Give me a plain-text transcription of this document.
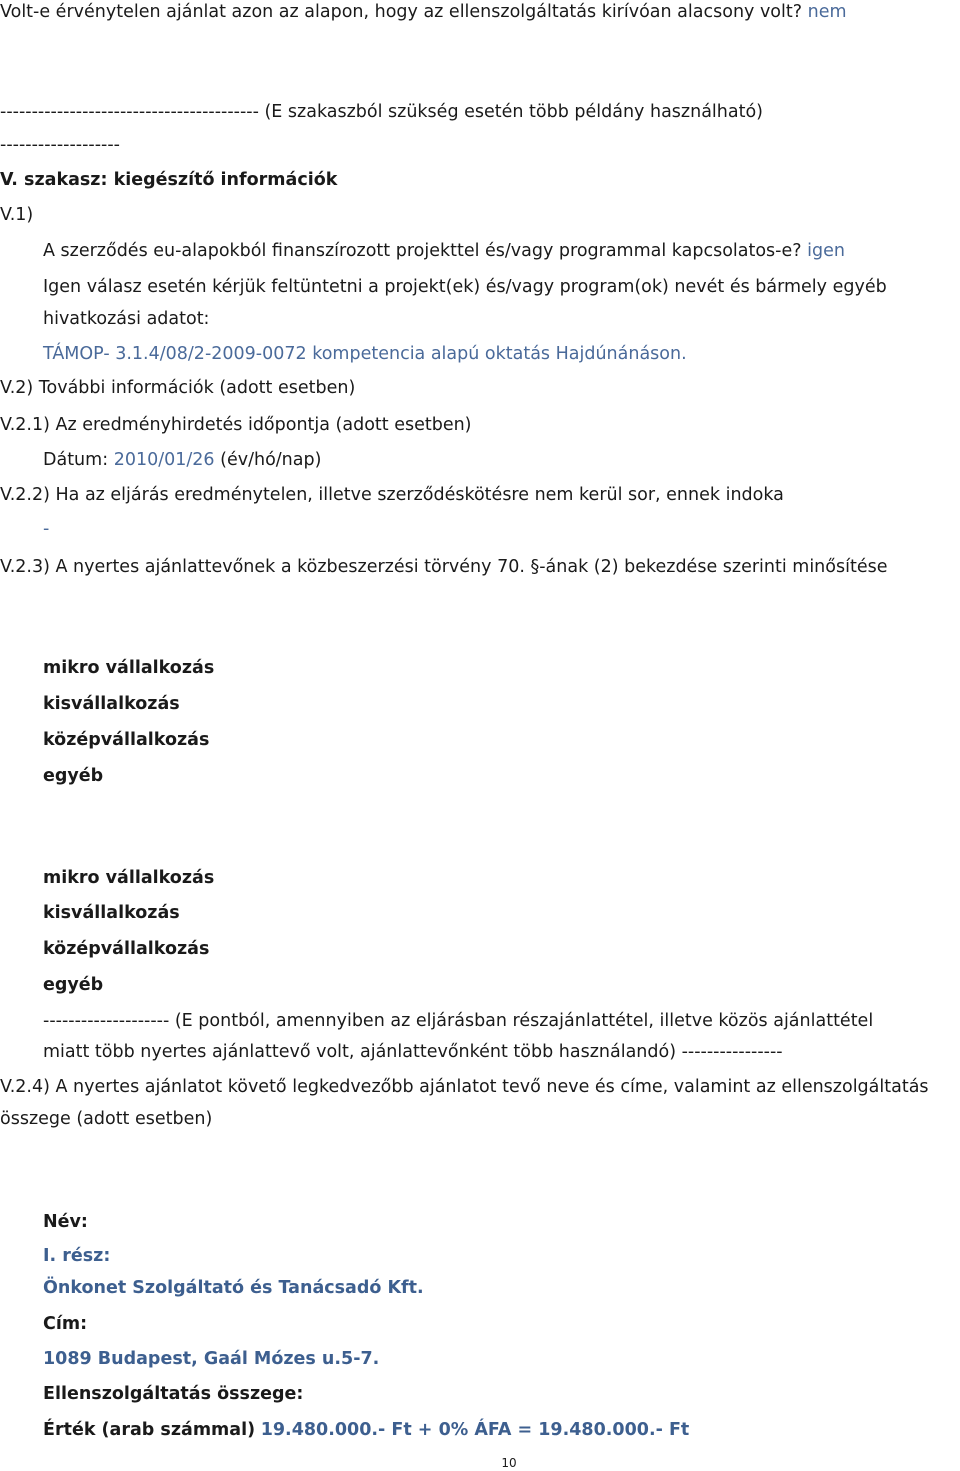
Volt-e érvénytelen ajánlat azon az alapon, hogy az ellenszolgáltatás kirívóan alacsony volt? nem
----------------------------------------- (E szakaszból szükség esetén több példány használható)
-------------------
V. szakasz: kiegészítő információk
V.1)
A szerződés eu-alapokból finanszírozott projekttel és/vagy programmal kapcsolatos-e? igen
Igen válasz esetén kérjük feltüntetni a projekt(ek) és/vagy program(ok) nevét és bármely egyéb
hivatkozási adatot:
TÁMOP- 3.1.4/08/2-2009-0072 kompetencia alapú oktatás Hajdúnánáson.
V.2) További információk (adott esetben)
V.2.1) Az eredményhirdetés időpontja (adott esetben)
Dátum: 2010/01/26 (év/hó/nap)
V.2.2) Ha az eljárás eredménytelen, illetve szerződéskötésre nem kerül sor, ennek indoka
-
V.2.3) A nyertes ajánlattevőnek a közbeszerzési törvény 70. §-ának (2) bekezdése szerinti minősítése
mikro vállalkozás
kisvállalkozás
középvállalkozás
egyéb
mikro vállalkozás
kisvállalkozás
középvállalkozás
egyéb
-------------------- (E pontból, amennyiben az eljárásban részajánlattétel, illetve közös ajánlattétel
miatt több nyertes ajánlattevő volt, ajánlattevőnként több használandó) ----------------
V.2.4) A nyertes ajánlatot követő legkedvezőbb ajánlatot tevő neve és címe, valamint az ellenszolgáltatás
összege (adott esetben)
Név:
I. rész:
Önkonet Szolgáltató és Tanácsadó Kft.
Cím:
1089 Budapest, Gaál Mózes u.5-7.
Ellenszolgáltatás összege:
Érték (arab számmal) 19.480.000.- Ft + 0% ÁFA = 19.480.000.- Ft
10
